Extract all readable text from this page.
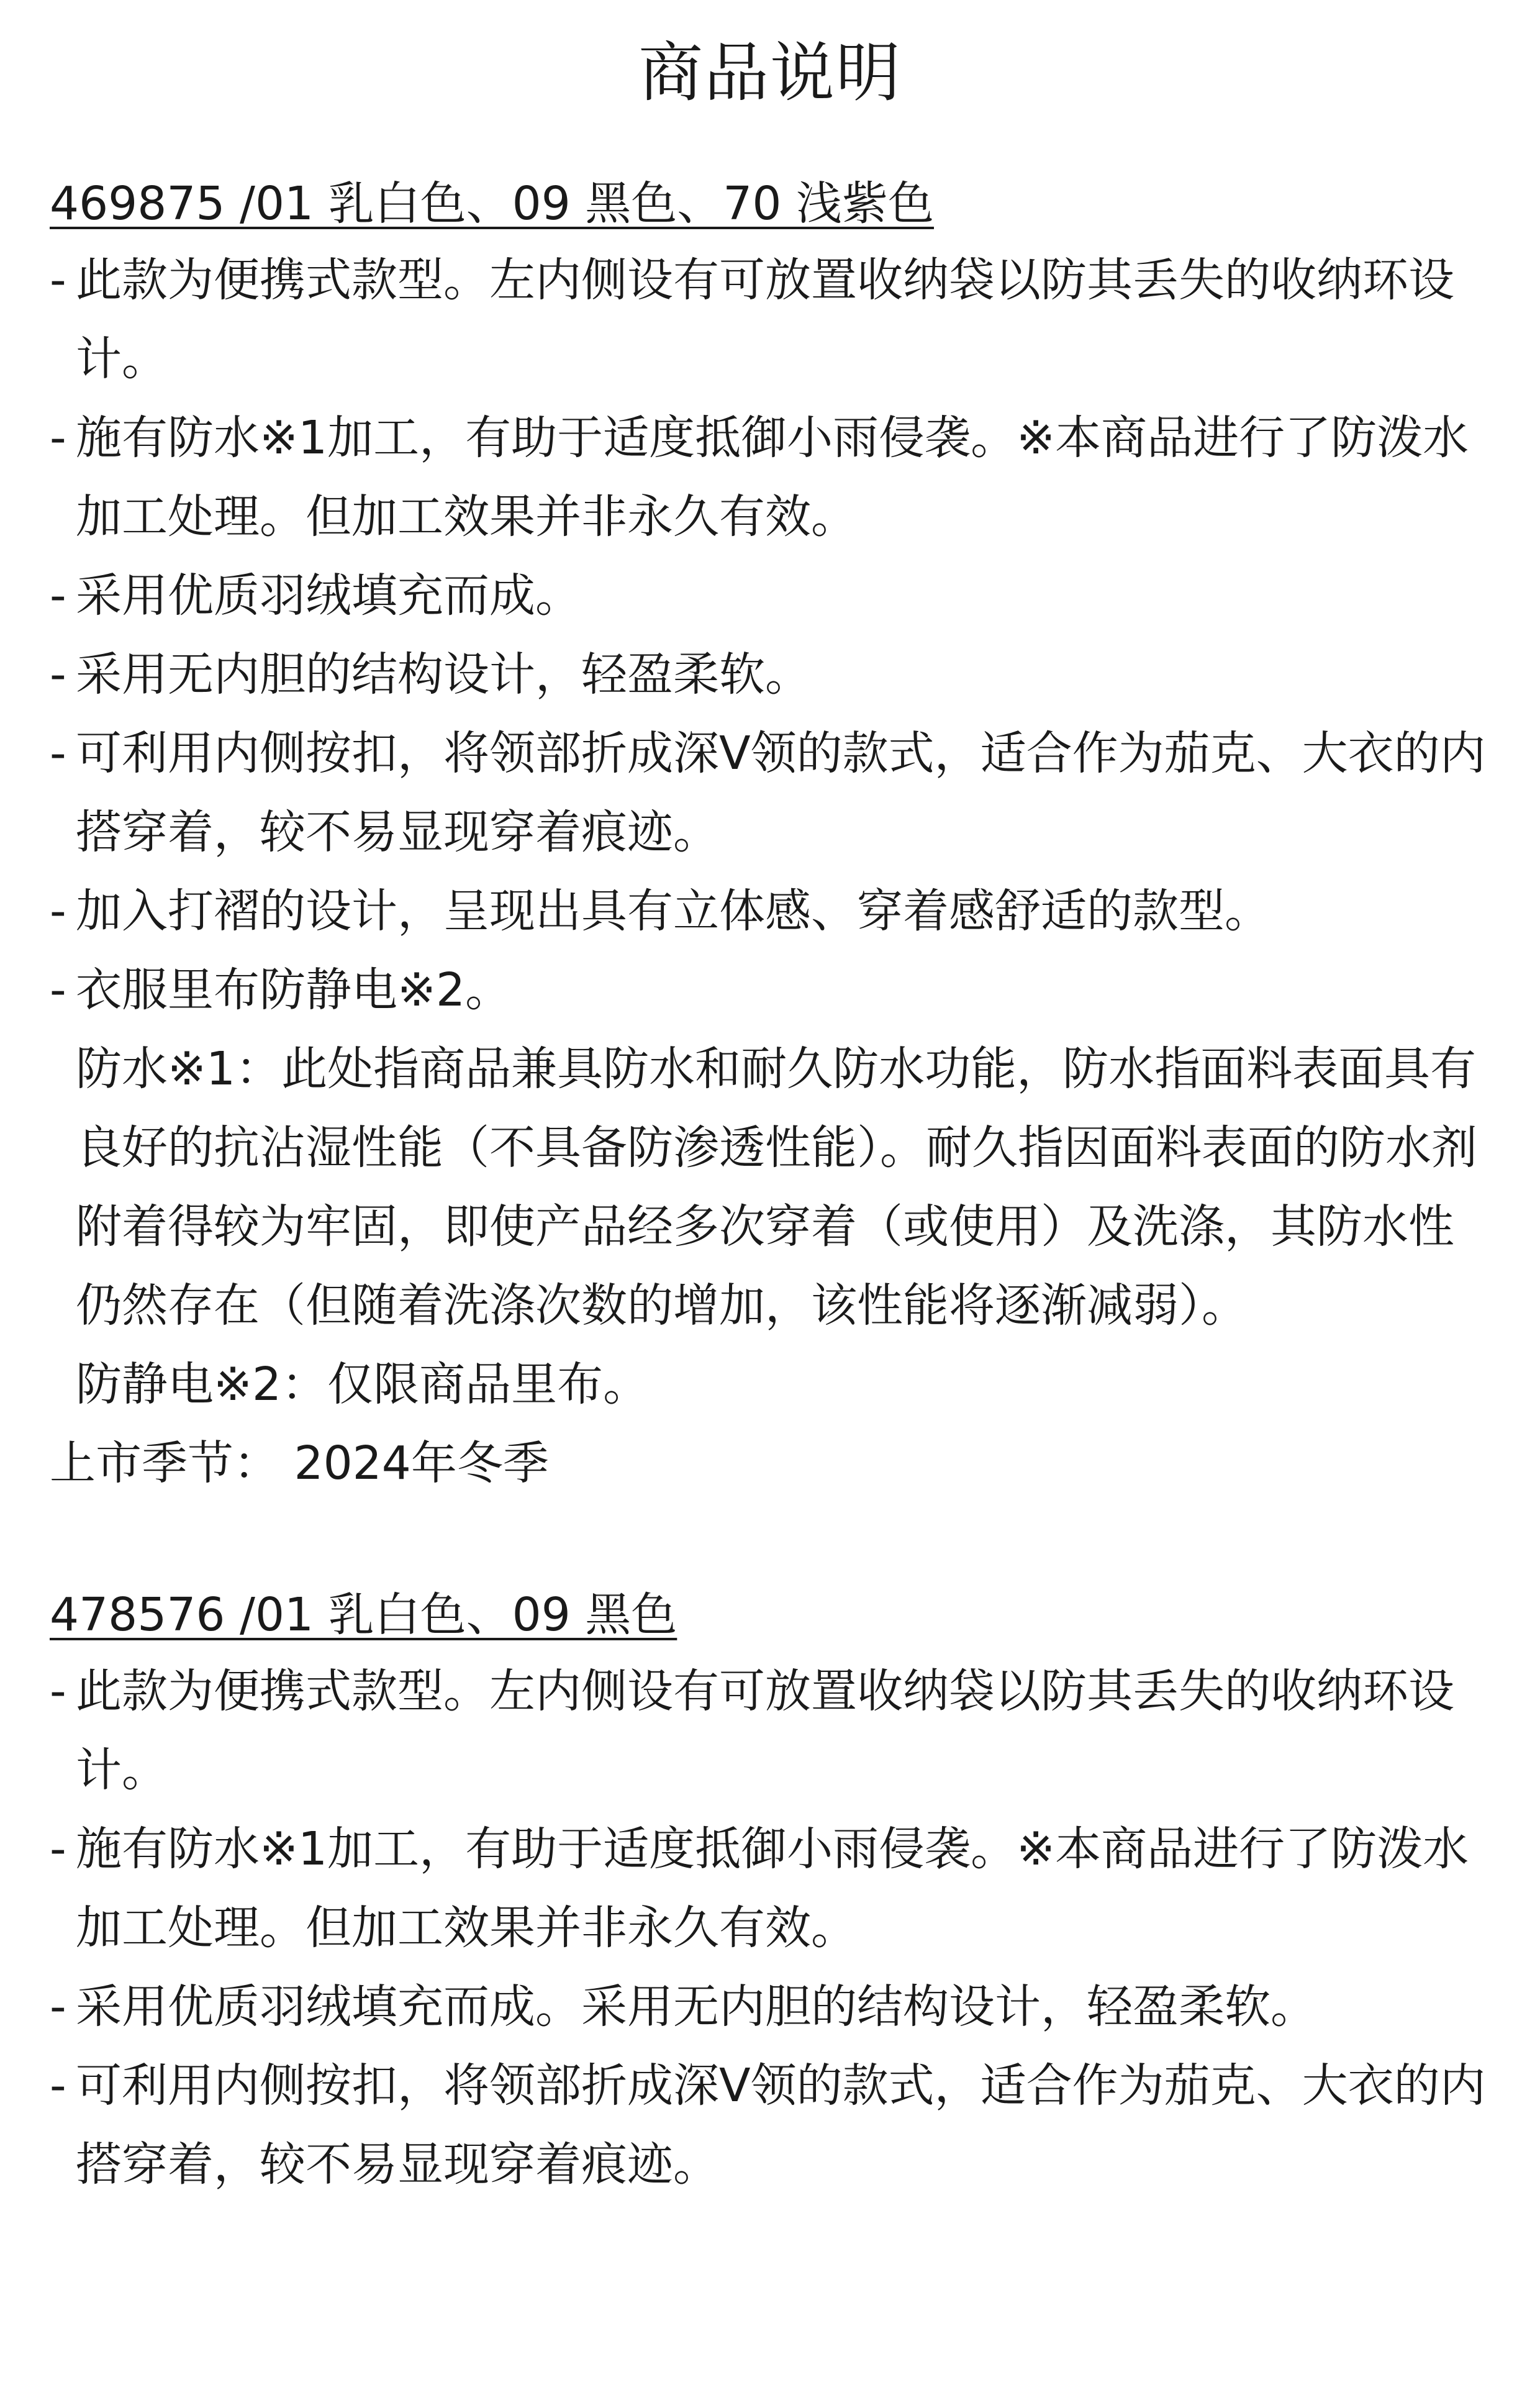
商品说明
469875 /01 乳白色、09 黑色、70 浅紫色
- 此款为便携式款型。左内侧设有可放置收纳袋以防其丢失的收纳环设计。
- 施有防水※1加工，有助于适度抵御小雨侵袭。※本商品进行了防泼水加工处理。但加工效果并非永久有效。
- 采用优质羽绒填充而成。
- 采用无内胆的结构设计，轻盈柔软。
- 可利用内侧按扣，将领部折成深V领的款式，适合作为茄克、大衣的内搭穿着，较不易显现穿着痕迹。
- 加入打褶的设计，呈现出具有立体感、穿着感舒适的款型。
- 衣服里布防静电※2。
防水※1：此处指商品兼具防水和耐久防水功能，防水指面料表面具有良好的抗沾湿性能（不具备防渗透性能）。耐久指因面料表面的防水剂附着得较为牢固，即使产品经多次穿着（或使用）及洗涤，其防水性仍然存在（但随着洗涤次数的增加，该性能将逐渐减弱）。
防静电※2：仅限商品里布。
上市季节： 2024年冬季
478576 /01 乳白色、09 黑色
- 此款为便携式款型。左内侧设有可放置收纳袋以防其丢失的收纳环设计。
- 施有防水※1加工，有助于适度抵御小雨侵袭。※本商品进行了防泼水加工处理。但加工效果并非永久有效。
- 采用优质羽绒填充而成。采用无内胆的结构设计，轻盈柔软。
- 可利用内侧按扣，将领部折成深V领的款式，适合作为茄克、大衣的内搭穿着，较不易显现穿着痕迹。
